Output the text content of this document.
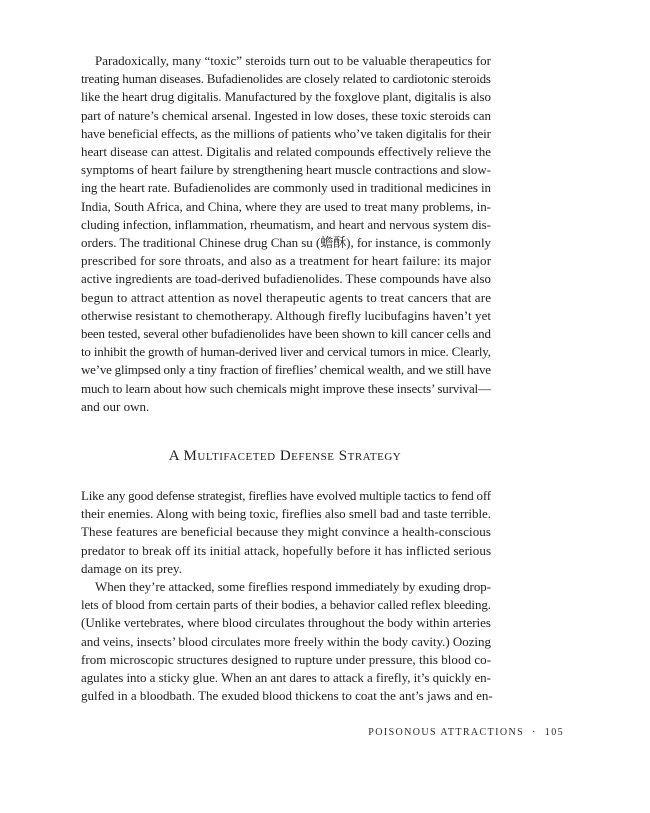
Paradoxically, many “toxic” steroids turn out to be valuable therapeutics for

treating human diseases. Bufadienolides are closely related to cardiotonic steroids

like the heart drug digitalis. Manufactured by the foxglove plant, digitalis is also

part of nature’s chemical arsenal. Ingested in low doses, these toxic steroids can

have beneficial effects, as the millions of patients who’ve taken digitalis for their

heart disease can attest. Digitalis and related compounds effectively relieve the

symptoms of heart failure by strengthening heart muscle contractions and slow-

ing the heart rate. Bufadienolides are commonly used in traditional medicines in

India, South Africa, and China, where they are used to treat many problems, in-

cluding infection, inflammation, rheumatism, and heart and nervous system dis-

orders. The traditional Chinese drug Chan su (蟾酥), for instance, is commonly

prescribed for sore throats, and also as a treatment for heart failure: its major

active ingredients are toad-derived bufadienolides. These compounds have also

begun to attract attention as novel therapeutic agents to treat cancers that are

otherwise resistant to chemotherapy. Although firefly lucibufagins haven’t yet

been tested, several other bufadienolides have been shown to kill cancer cells and

to inhibit the growth of human-derived liver and cervical tumors in mice. Clearly,

we’ve glimpsed only a tiny fraction of fireflies’ chemical wealth, and we still have

much to learn about how such chemicals might improve these insects’ survival—

and our own.

A Multifaceted Defense Strategy

Like any good defense strategist, fireflies have evolved multiple tactics to fend off

their enemies. Along with being toxic, fireflies also smell bad and taste terrible.

These features are beneficial because they might convince a health-conscious

predator to break off its initial attack, hopefully before it has inflicted serious

damage on its prey.

When they’re attacked, some fireflies respond immediately by exuding drop-

lets of blood from certain parts of their bodies, a behavior called reflex bleeding.

(Unlike vertebrates, where blood circulates throughout the body within arteries

and veins, insects’ blood circulates more freely within the body cavity.) Oozing

from microscopic structures designed to rupture under pressure, this blood co-

agulates into a sticky glue. When an ant dares to attack a firefly, it’s quickly en-

gulfed in a bloodbath. The exuded blood thickens to coat the ant’s jaws and en-

POISONOUS ATTRACTIONS · 105
